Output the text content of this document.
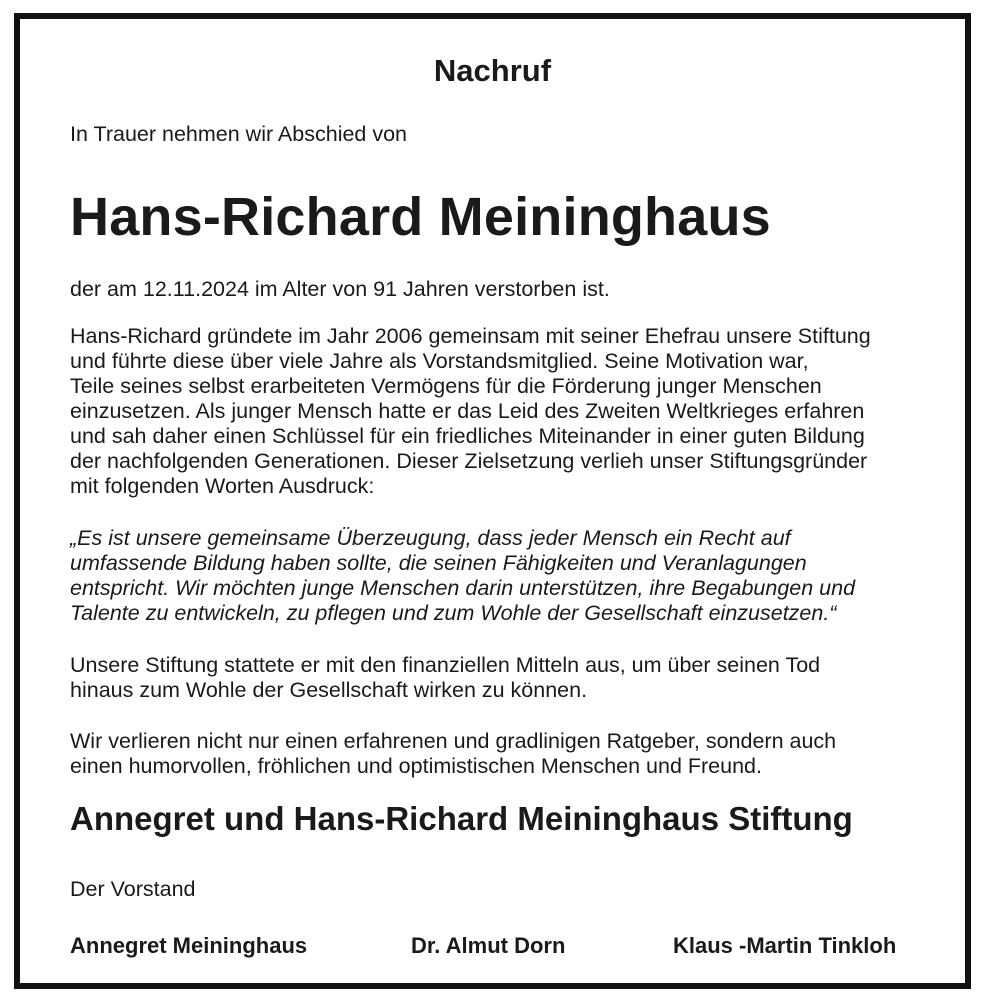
Nachruf

In Trauer nehmen wir Abschied von

Hans-Richard Meininghaus

der am 12.11.2024 im Alter von 91 Jahren verstorben ist.

Hans-Richard gründete im Jahr 2006 gemeinsam mit seiner Ehefrau unsere Stiftung
und führte diese über viele Jahre als Vorstandsmitglied. Seine Motivation war,
Teile seines selbst erarbeiteten Vermögens für die Förderung junger Menschen
einzusetzen. Als junger Mensch hatte er das Leid des Zweiten Weltkrieges erfahren
und sah daher einen Schlüssel für ein friedliches Miteinander in einer guten Bildung
der nachfolgenden Generationen. Dieser Zielsetzung verlieh unser Stiftungsgründer
mit folgenden Worten Ausdruck:

„Es ist unsere gemeinsame Überzeugung, dass jeder Mensch ein Recht auf
umfassende Bildung haben sollte, die seinen Fähigkeiten und Veranlagungen
entspricht. Wir möchten junge Menschen darin unterstützen, ihre Begabungen und
Talente zu entwickeln, zu pflegen und zum Wohle der Gesellschaft einzusetzen.“

Unsere Stiftung stattete er mit den finanziellen Mitteln aus, um über seinen Tod
hinaus zum Wohle der Gesellschaft wirken zu können.

Wir verlieren nicht nur einen erfahrenen und gradlinigen Ratgeber, sondern auch
einen humorvollen, fröhlichen und optimistischen Menschen und Freund.

Annegret und Hans-Richard Meininghaus Stiftung

Der Vorstand

Annegret Meininghaus	Dr. Almut Dorn	Klaus -Martin Tinkloh
